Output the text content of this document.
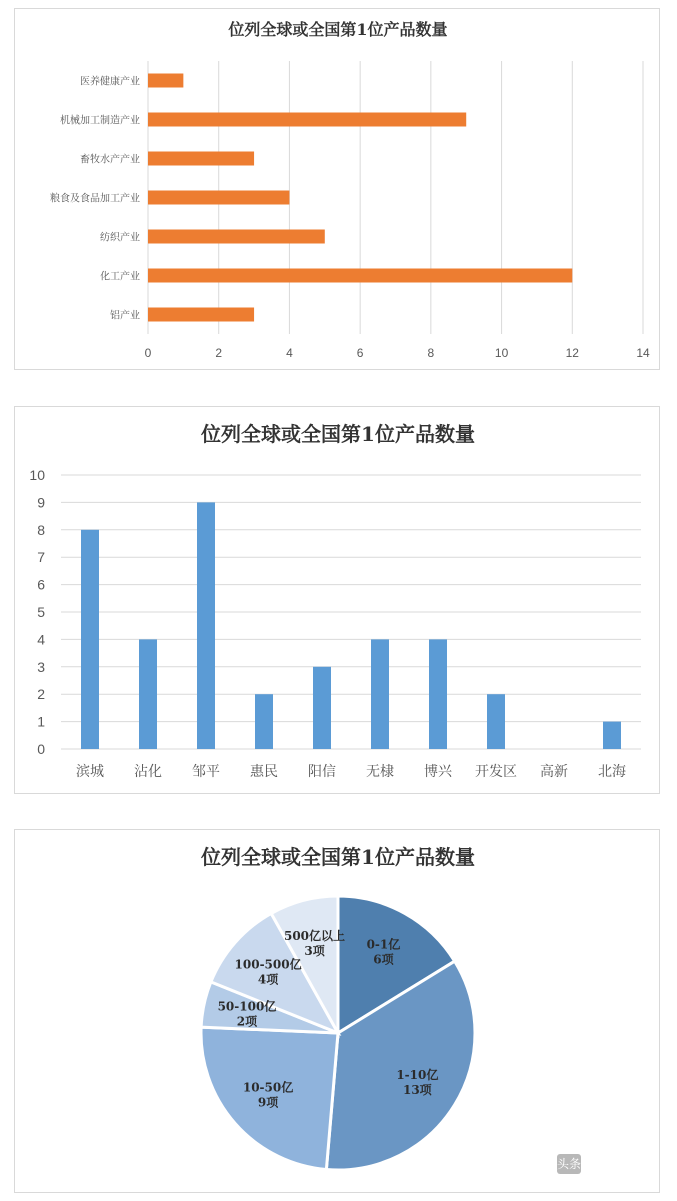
位列全球或全国第1位产品数量
医养健康产业
机械加工制造产业
畜牧水产产业
粮食及食品加工产业
纺织产业
化工产业
铝产业
0	2	4	6	8	10	12	14
位列全球或全国第1位产品数量
滨城 沾化 邹平 惠民 阳信 无棣 博兴 开发区 高新 北海
0
1
2
3
4
5
6
7
8
9
10
位列全球或全国第1位产品数量
0-1亿
6项
1-10亿
13项
10-50亿
9项
50-100亿
2项
100-500亿
4项
500亿以上
3项
头条
